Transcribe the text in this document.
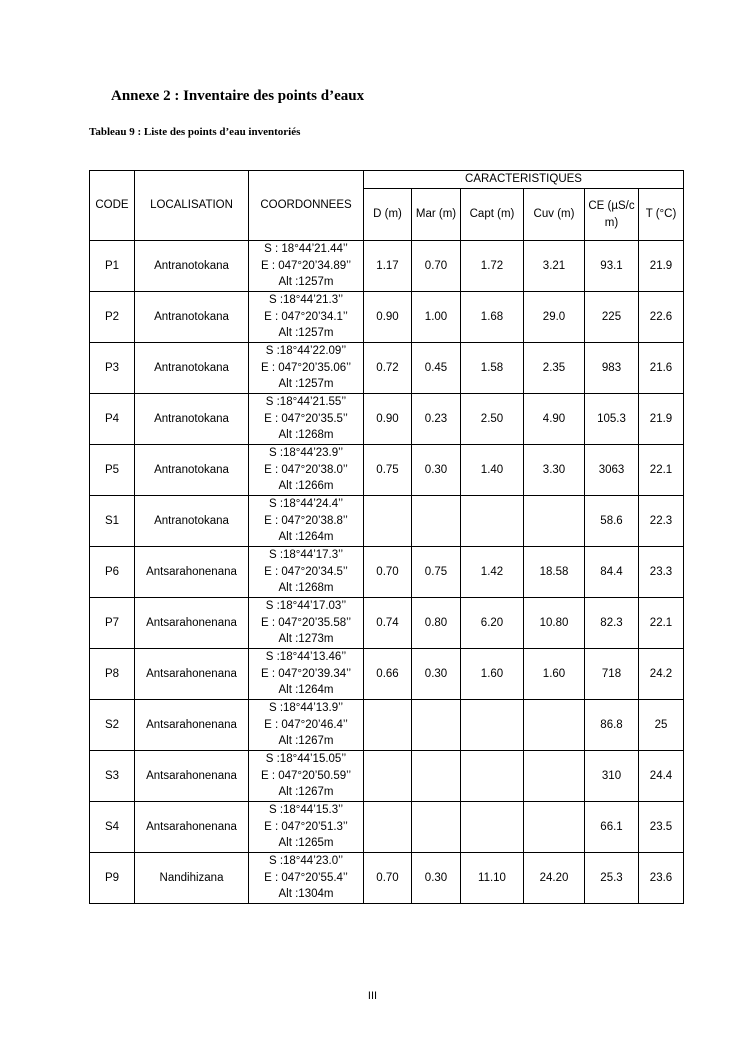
Annexe 2 : Inventaire des points d’eaux
Tableau 9 : Liste des points d’eau inventoriés
CODE	LOCALISATION	COORDONNEES	CARACTERISTIQUES					
			D (m)	Mar (m)	Capt (m)	Cuv (m)	CE (µS/c m)	T (°C)
P1	Antranotokana	S : 18°44’21.44’’
E : 047°20’34.89’’
Alt :1257m	1.17	0.70	1.72	3.21	93.1	21.9
P2	Antranotokana	S :18°44’21.3’’
E : 047°20’34.1’’
Alt :1257m	0.90	1.00	1.68	29.0	225	22.6
P3	Antranotokana	S :18°44’22.09’’
E : 047°20’35.06’’
Alt :1257m	0.72	0.45	1.58	2.35	983	21.6
P4	Antranotokana	S :18°44’21.55’’
E : 047°20’35.5’’
Alt :1268m	0.90	0.23	2.50	4.90	105.3	21.9
P5	Antranotokana	S :18°44’23.9’’
E : 047°20’38.0’’
Alt :1266m	0.75	0.30	1.40	3.30	3063	22.1
S1	Antranotokana	S :18°44’24.4’’
E : 047°20’38.8’’
Alt :1264m					58.6	22.3
P6	Antsarahonenana	S :18°44’17.3’’
E : 047°20’34.5’’
Alt :1268m	0.70	0.75	1.42	18.58	84.4	23.3
P7	Antsarahonenana	S :18°44’17.03’’
E : 047°20’35.58’’
Alt :1273m	0.74	0.80	6.20	10.80	82.3	22.1
P8	Antsarahonenana	S :18°44’13.46’’
E : 047°20’39.34’’
Alt :1264m	0.66	0.30	1.60	1.60	718	24.2
S2	Antsarahonenana	S :18°44’13.9’’
E : 047°20’46.4’’
Alt :1267m					86.8	25
S3	Antsarahonenana	S :18°44’15.05’’
E : 047°20’50.59’’
Alt :1267m					310	24.4
S4	Antsarahonenana	S :18°44’15.3’’
E : 047°20’51.3’’
Alt :1265m					66.1	23.5
P9	Nandihizana	S :18°44’23.0’’
E : 047°20’55.4’’
Alt :1304m	0.70	0.30	11.10	24.20	25.3	23.6
III
